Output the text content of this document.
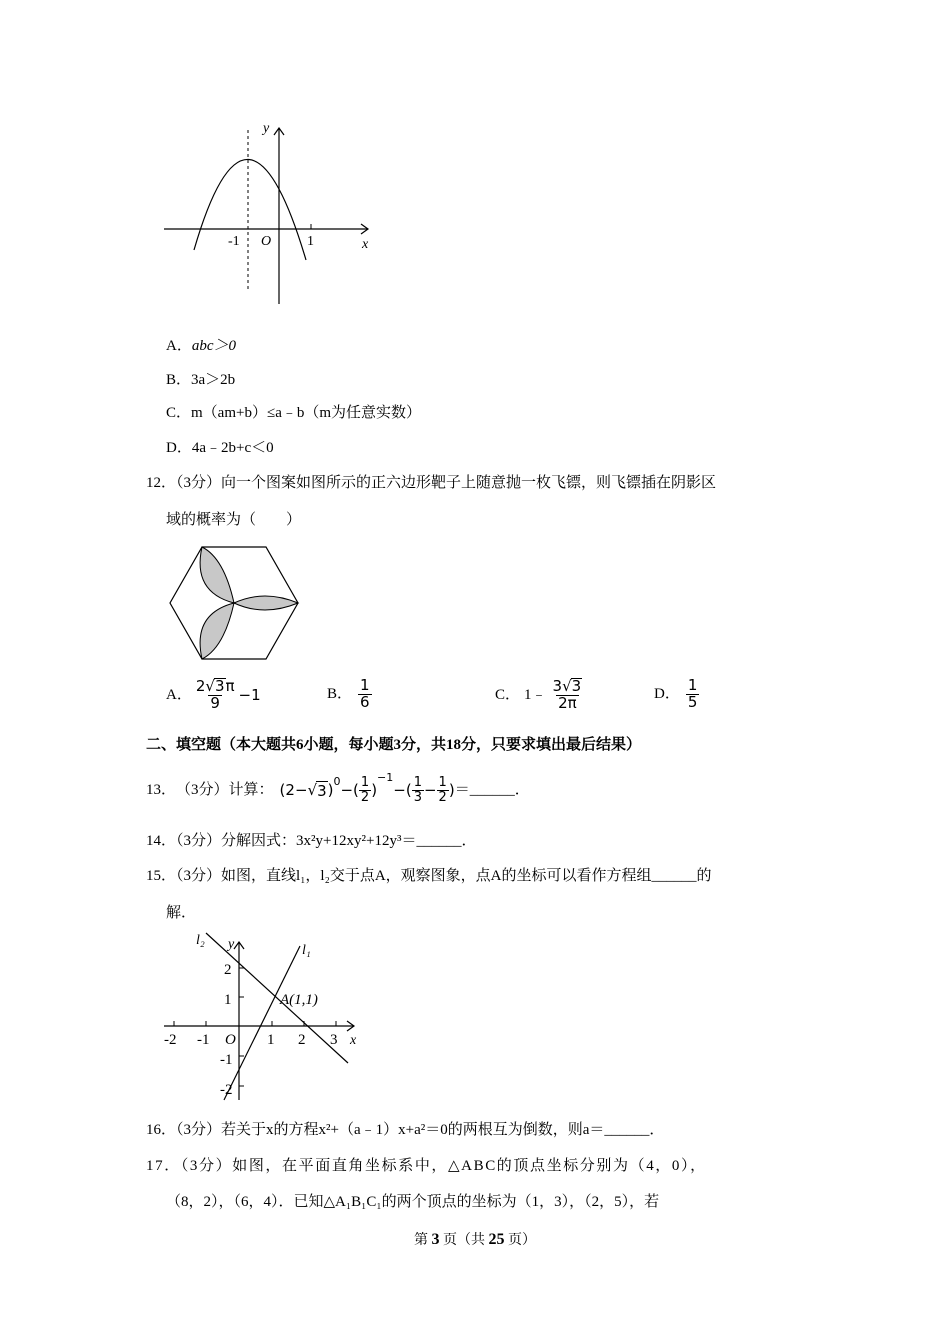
y
x
O
-1	1
A．abc＞0
B．3a＞2b
C．m（am+b）≤a﹣b（m为任意实数）
D．4a﹣2b+c＜0
12．（3分）向一个图案如图所示的正六边形靶子上随意抛一枚飞镖，则飞镖插在阴影区
域的概率为（　　）
A． $\frac{2√3\pi}{9} -1$	B． $\frac{1}{6}$	C． 1﹣ $\frac{3√3}{2\pi}$	D． $\frac{1}{5}$
二、填空题（本大题共6小题，每小题3分，共18分，只要求填出最后结果）
13． （3分） 计算： (2− √ 3 )$^0$ −( $\frac{1}{2}$ )
$^{-1}$
−( $\frac{1}{3} - \frac{1}{2}$ ) ＝______．
14．（3分）分解因式：3x²y+12xy²+12y³＝______．
15．（3分）如图，直线l₁，l₂交于点A，观察图象，点A的坐标可以看作方程组______的
解．
-2 -1	1 2 3
2
1
-1
-2
O
l₂
l₁
y
x
A(1,1)
16．（3分）若关于x的方程x²+（a﹣1）x+a²＝0的两根互为倒数，则a＝______．
17．（3分）如图，在平面直角坐标系中，△ABC的顶点坐标分别为（4，0），
（8，2），（6，4）．已知△A₁B₁C₁的两个顶点的坐标为（1，3），（2，5），若
第 3 页（共 25 页）
